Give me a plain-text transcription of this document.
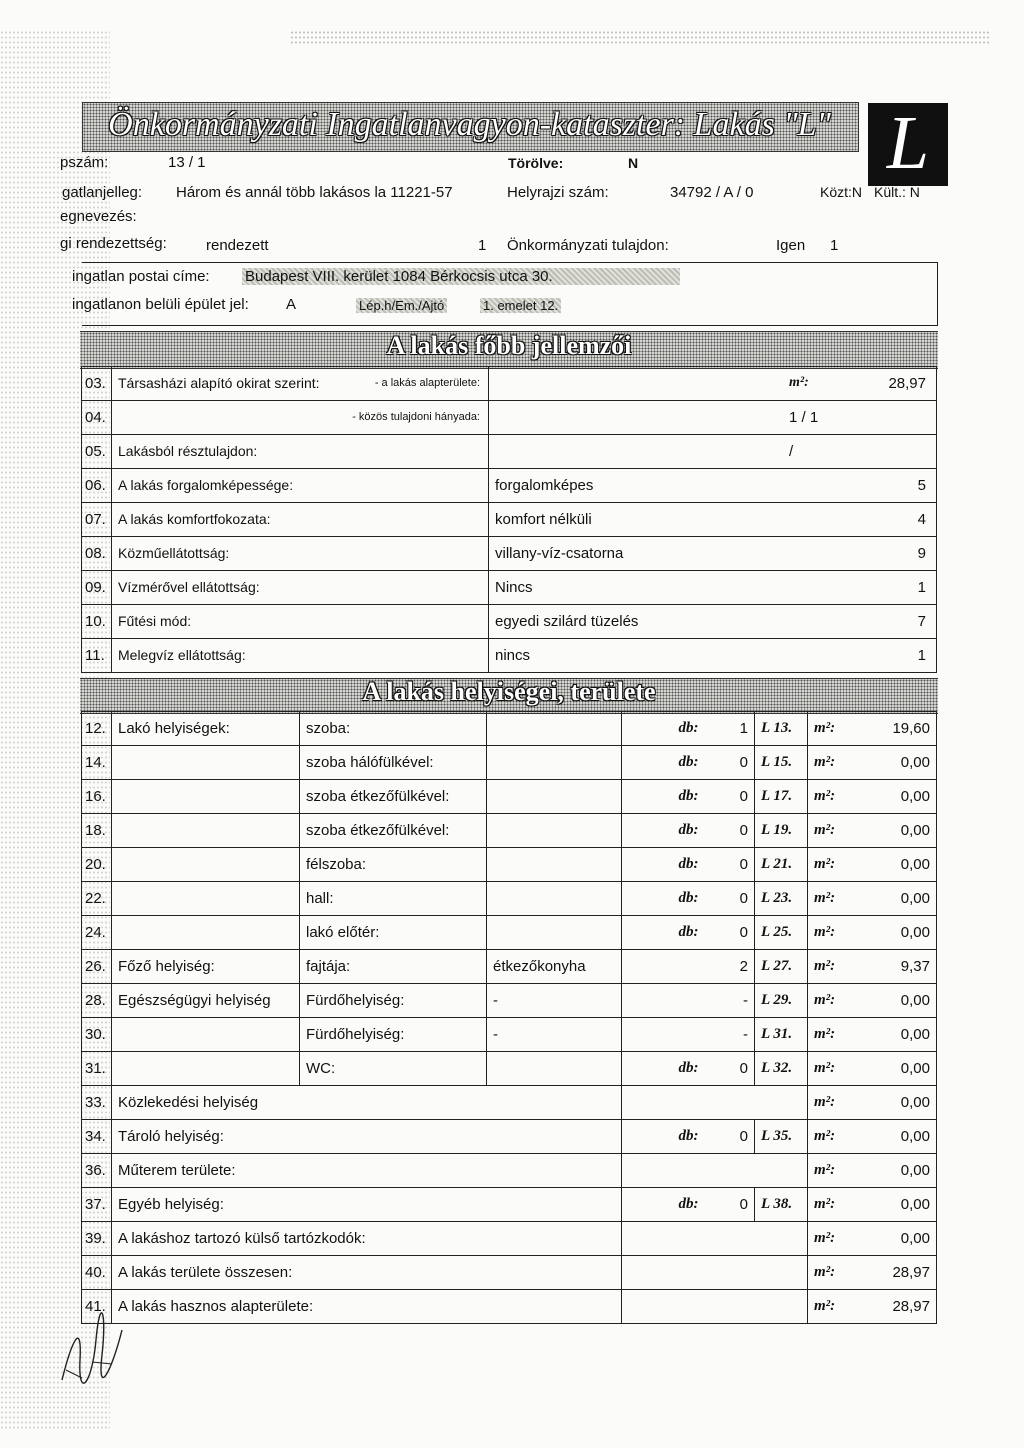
Önkormányzati Ingatlanvagyon-kataszter: Lakás "L" L
pszám:	13 / 1	Törölve:	N
gatlanjelleg: Három és annál több lakásos la 11221-57	Helyrajzi szám:	34792 / A / 0	Közt:N Kült.: N
egnevezés:
gi rendezettség:	rendezett	1 Önkormányzati tulajdon:	Igen 1
ingatlan postai címe: Budapest VIII. kerület 1084 Bérkocsis utca 30.
ingatlanon belüli épület jel: A	Lép.h/Em./Ajtó	1. emelet 12.
A lakás főbb jellemzői
03.	Társasházi alapító okirat szerint: - a lakás alapterülete:	m²: 28,97

04.	- közös tulajdoni hányada:	1 / 1

05.	Lakásból résztulajdon:	/

06.	A lakás forgalomképessége:	forgalomképes 5

07.	A lakás komfortfokozata:	komfort nélküli 4

08.	Közműellátottság:	villany-víz-csatorna 9

09.	Vízmérővel ellátottság:	Nincs 1

10.	Fűtési mód:	egyedi szilárd tüzelés 7

11.	Melegvíz ellátottság:	nincs 1
A lakás helyiségei, területe
12.	Lakó helyiségek:	szoba:		db:	1	L 13.	m²:	19,60
14.		szoba hálófülkével:		db:	0	L 15.	m²:	0,00
16.		szoba étkezőfülkével:		db:	0	L 17.	m²:	0,00
18.		szoba étkezőfülkével:		db:	0	L 19.	m²:	0,00
20.		félszoba:		db:	0	L 21.	m²:	0,00
22.		hall:		db:	0	L 23.	m²:	0,00
24.		lakó előtér:		db:	0	L 25.	m²:	0,00
26.	Főző helyiség:	fajtája:	étkezőkonyha		2	L 27.	m²:	9,37
28.	Egészségügyi helyiség	Fürdőhelyiség:	-		-	L 29.	m²:	0,00
30.		Fürdőhelyiség:	-		-	L 31.	m²:	0,00
31.		WC:		db:	0	L 32.	m²:	0,00
33.	Közlekedési helyiség						m²:	0,00
34.	Tároló helyiség:			db:	0	L 35.	m²:	0,00
36.	Műterem területe:						m²:	0,00
37.	Egyéb helyiség:			db:	0	L 38.	m²:	0,00
39.	A lakáshoz tartozó külső tartózkodók:						m²:	0,00
40.	A lakás területe összesen:						m²:	28,97
41.	A lakás hasznos alapterülete:						m²:	28,97
